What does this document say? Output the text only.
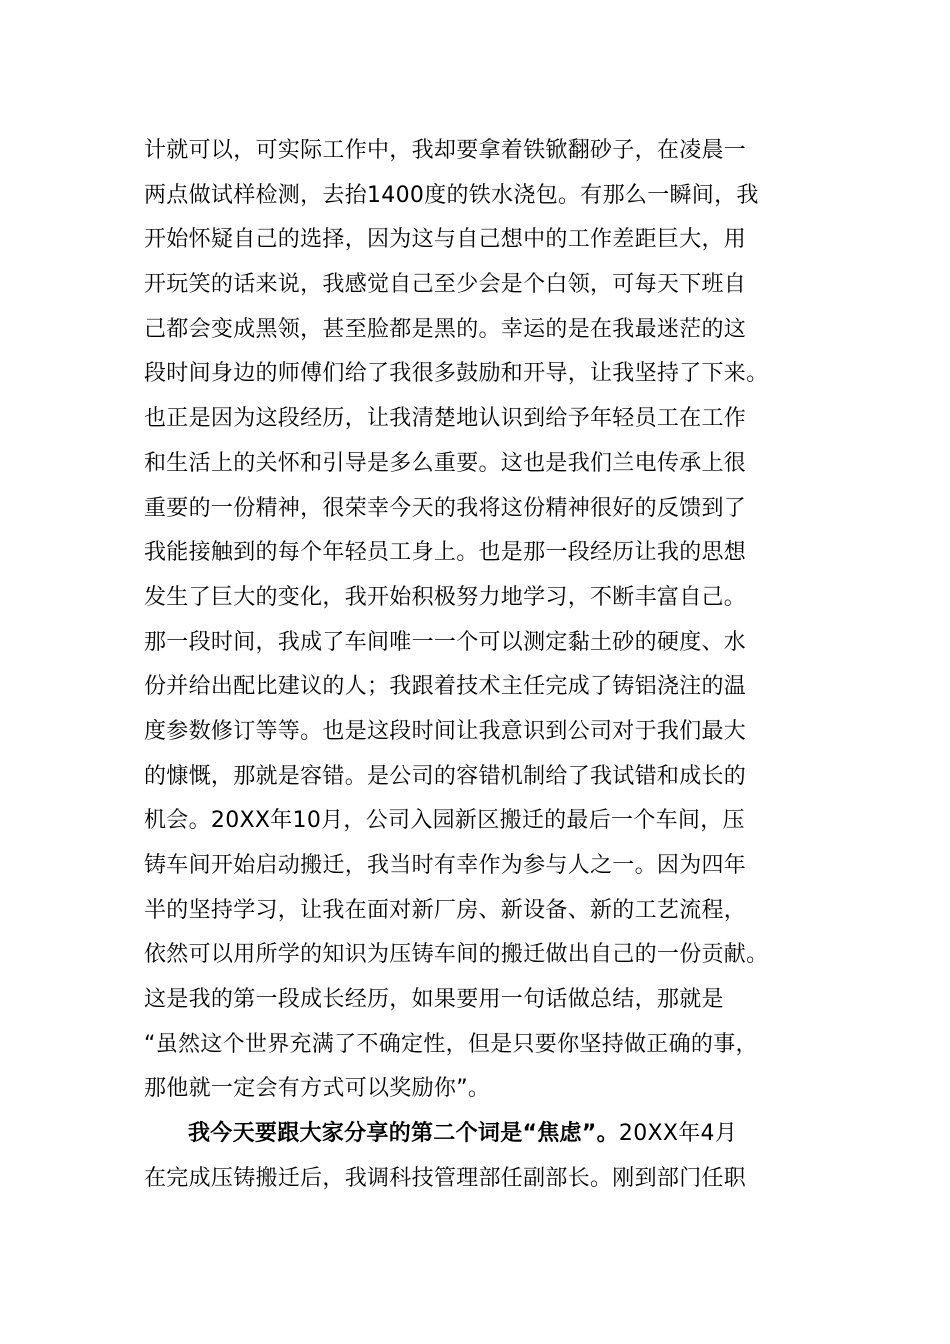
计就可以，可实际工作中，我却要拿着铁锨翻砂子，在凌晨一
两点做试样检测，去抬1400度的铁水浇包。有那么一瞬间，我
开始怀疑自己的选择，因为这与自己想中的工作差距巨大，用
开玩笑的话来说，我感觉自己至少会是个白领，可每天下班自
己都会变成黑领，甚至脸都是黑的。幸运的是在我最迷茫的这
段时间身边的师傅们给了我很多鼓励和开导，让我坚持了下来。
也正是因为这段经历，让我清楚地认识到给予年轻员工在工作
和生活上的关怀和引导是多么重要。这也是我们兰电传承上很
重要的一份精神，很荣幸今天的我将这份精神很好的反馈到了
我能接触到的每个年轻员工身上。也是那一段经历让我的思想
发生了巨大的变化，我开始积极努力地学习，不断丰富自己。
那一段时间，我成了车间唯一一个可以测定黏土砂的硬度、水
份并给出配比建议的人；我跟着技术主任完成了铸铝浇注的温
度参数修订等等。也是这段时间让我意识到公司对于我们最大
的慷慨，那就是容错。是公司的容错机制给了我试错和成长的
机会。20XX年10月，公司入园新区搬迁的最后一个车间，压
铸车间开始启动搬迁，我当时有幸作为参与人之一。因为四年
半的坚持学习，让我在面对新厂房、新设备、新的工艺流程，
依然可以用所学的知识为压铸车间的搬迁做出自己的一份贡献。
这是我的第一段成长经历，如果要用一句话做总结，那就是
“虽然这个世界充满了不确定性，但是只要你坚持做正确的事，
那他就一定会有方式可以奖励你”。
我今天要跟大家分享的第二个词是“焦虑”。20XX年4月
在完成压铸搬迁后，我调科技管理部任副部长。刚到部门任职
